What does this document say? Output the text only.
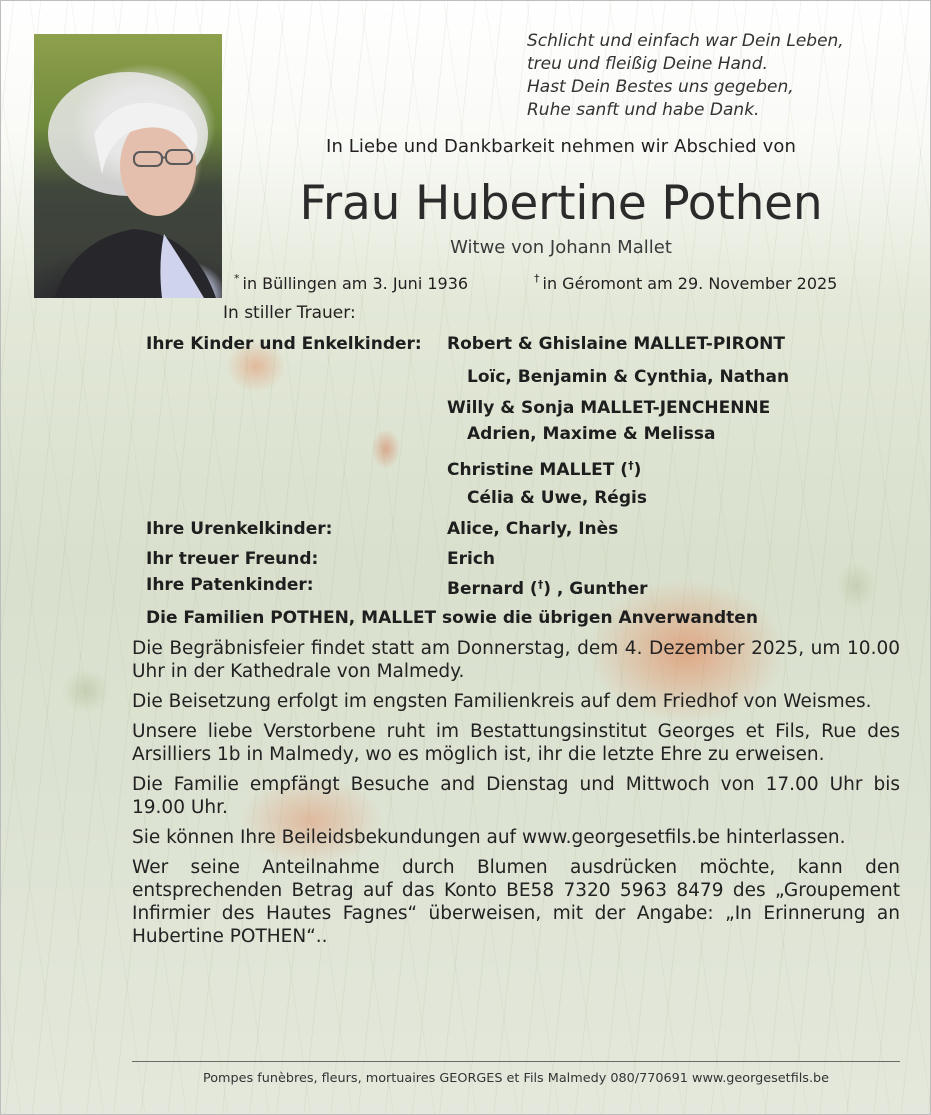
Schlicht und einfach war Dein Leben,
treu und fleißig Deine Hand.
Hast Dein Bestes uns gegeben,
Ruhe sanft und habe Dank.
In Liebe und Dankbarkeit nehmen wir Abschied von
Frau Hubertine Pothen
Witwe von Johann Mallet
* in Büllingen am 3. Juni 1936	† in Géromont am 29. November 2025
In stiller Trauer:
Ihre Kinder und Enkelkinder: Robert & Ghislaine MALLET-PIRONT
Loïc, Benjamin & Cynthia, Nathan
Willy & Sonja MALLET-JENCHENNE
Adrien, Maxime & Melissa
Christine MALLET (†)
Célia & Uwe, Régis
Ihre Urenkelkinder:	Alice, Charly, Inès
Ihr treuer Freund:	Erich
Ihre Patenkinder:	Bernard (†) , Gunther
Die Familien POTHEN, MALLET sowie die übrigen Anverwandten

Die Begräbnisfeier findet statt am Donnerstag, dem 4. Dezember 2025, um 10.00 Uhr in der Kathedrale von Malmedy.

Die Beisetzung erfolgt im engsten Familienkreis auf dem Friedhof von Weismes.

Unsere liebe Verstorbene ruht im Bestattungsinstitut Georges et Fils, Rue des Arsilliers 1b in Malmedy, wo es möglich ist, ihr die letzte Ehre zu erweisen.

Die Familie empfängt Besuche and Dienstag und Mittwoch von 17.00 Uhr bis 19.00 Uhr.

Sie können Ihre Beileidsbekundungen auf www.georgesetfils.be hinterlassen.

Wer seine Anteilnahme durch Blumen ausdrücken möchte, kann den entsprechenden Betrag auf das Konto BE58 7320 5963 8479 des „Groupement Infirmier des Hautes Fagnes“ überweisen, mit der Angabe: „In Erinnerung an Hubertine POTHEN“..

Pompes funèbres, fleurs, mortuaires GEORGES et Fils Malmedy 080/770691 www.georgesetfils.be
